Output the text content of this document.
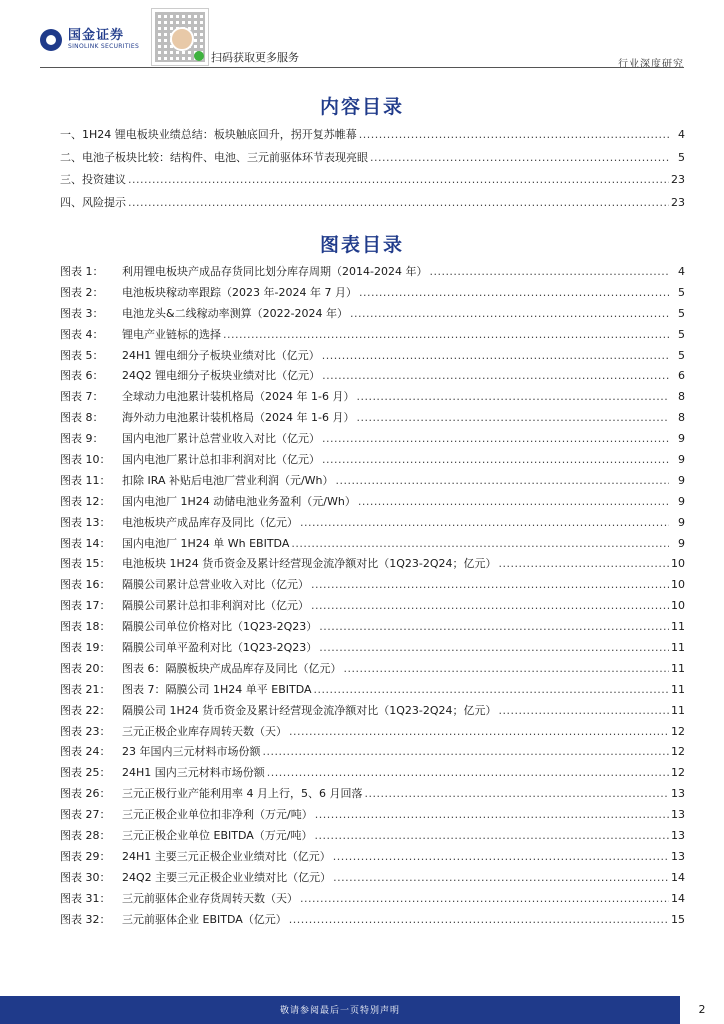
国金证券
SINOLINK SECURITIES
扫码获取更多服务
行业深度研究
内容目录
一、1H24 锂电板块业绩总结：板块触底回升，拐开复苏帷幕 .....	4
二、电池子板块比较：结构件、电池、三元前驱体环节表现亮眼 .....	5
三、投资建议 .....	23
四、风险提示 .....	23
图表目录
图表 1：	利用锂电板块产成品存货同比划分库存周期（2014-2024 年） .....	4
图表 2：	电池板块稼动率跟踪（2023 年-2024 年 7 月） .....	5
图表 3：	电池龙头&二线稼动率测算（2022-2024 年） .....	5
图表 4：	锂电产业链标的选择 .....	5
图表 5：	24H1 锂电细分子板块业绩对比（亿元） .....	5
图表 6：	24Q2 锂电细分子板块业绩对比（亿元） .....	6
图表 7：	全球动力电池累计装机格局（2024 年 1-6 月） .....	8
图表 8：	海外动力电池累计装机格局（2024 年 1-6 月） .....	8
图表 9：	国内电池厂累计总营业收入对比（亿元） .....	9
图表 10：	国内电池厂累计总扣非利润对比（亿元） .....	9
图表 11：	扣除 IRA 补贴后电池厂营业利润（元/Wh） .....	9
图表 12：	国内电池厂 1H24 动储电池业务盈利（元/Wh） .....	9
图表 13：	电池板块产成品库存及同比（亿元） .....	9
图表 14：	国内电池厂 1H24 单 Wh EBITDA .....	9
图表 15：	电池板块 1H24 货币资金及累计经营现金流净额对比（1Q23-2Q24；亿元） .....	10
图表 16：	隔膜公司累计总营业收入对比（亿元） .....	10
图表 17：	隔膜公司累计总扣非利润对比（亿元） .....	10
图表 18：	隔膜公司单位价格对比（1Q23-2Q23） .....	11
图表 19：	隔膜公司单平盈利对比（1Q23-2Q23） .....	11
图表 20：	图表 6：隔膜板块产成品库存及同比（亿元） .....	11
图表 21：	图表 7：隔膜公司 1H24 单平 EBITDA .....	11
图表 22：	隔膜公司 1H24 货币资金及累计经营现金流净额对比（1Q23-2Q24；亿元） .....	11
图表 23：	三元正极企业库存周转天数（天） .....	12
图表 24：	23 年国内三元材料市场份额 .....	12
图表 25：	24H1 国内三元材料市场份额 .....	12
图表 26：	三元正极行业产能利用率 4 月上行，5、6 月回落 .....	13
图表 27：	三元正极企业单位扣非净利（万元/吨） .....	13
图表 28：	三元正极企业单位 EBITDA（万元/吨） .....	13
图表 29：	24H1 主要三元正极企业业绩对比（亿元） .....	13
图表 30：	24Q2 主要三元正极企业业绩对比（亿元） .....	14
图表 31：	三元前驱体企业存货周转天数（天） .....	14
图表 32：	三元前驱体企业 EBITDA（亿元） .....	15
敬请参阅最后一页特别声明	2
